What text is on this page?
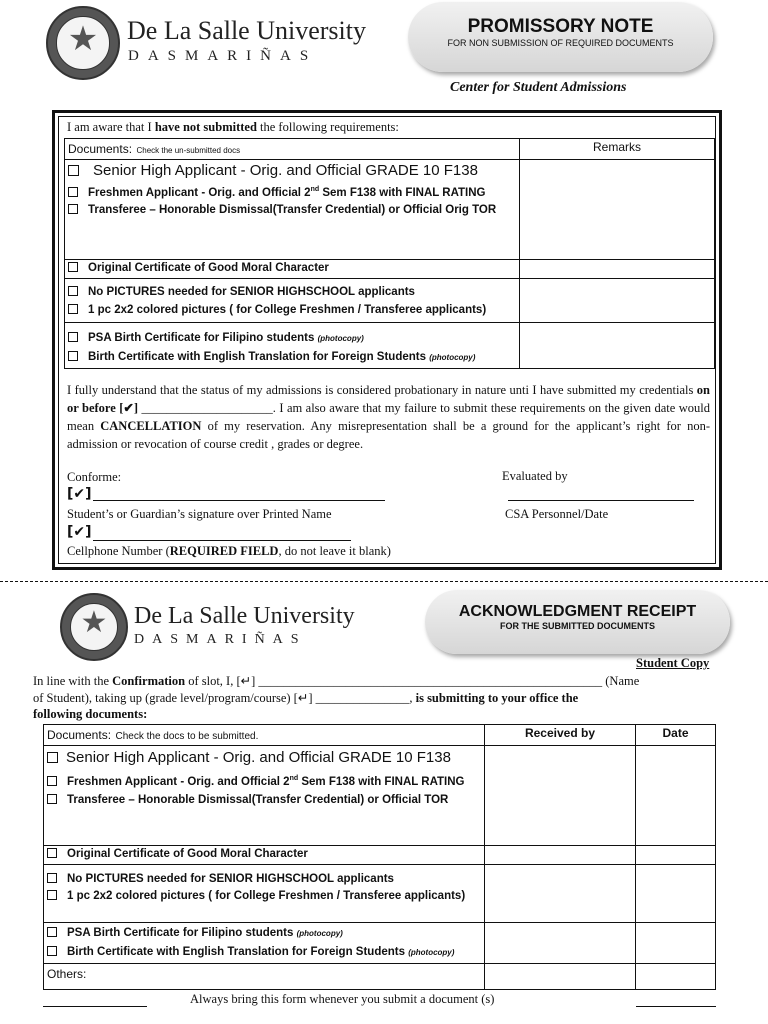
★	De La Salle University
DASMARIÑAS
PROMISSORY NOTE
FOR NON SUBMISSION OF REQUIRED DOCUMENTS
Center for Student Admissions
I am aware that I have not submitted the following requirements:
Documents: Check the un-submitted docs	Remarks

Senior High Applicant - Orig. and Official GRADE 10 F138
Freshmen Applicant - Orig. and Official 2nd Sem F138 with FINAL RATING
Transferee – Honorable Dismissal(Transfer Credential) or Official Orig TOR	

Original Certificate of Good Moral Character	

No PICTURES needed for SENIOR HIGHSCHOOL applicants
1 pc 2x2 colored pictures ( for College Freshmen / Transferee applicants)	

PSA Birth Certificate for Filipino students (photocopy)
Birth Certificate with English Translation for Foreign Students (photocopy)	

I fully understand that the status of my admissions is considered probationary in nature unti I have submitted my credentials on or before [✔] _____________________. I am also aware that my failure to submit these requirements on the given date would mean CANCELLATION of my reservation. Any misrepresentation shall be a ground for the applicant’s right for non-admission or revocation of course credit , grades or degree.
Conforme:	Evaluated by
[✔]
Student’s or Guardian’s signature over Printed Name	CSA Personnel/Date
[✔]
Cellphone Number (REQUIRED FIELD, do not leave it blank)
★	De La Salle University
DASMARIÑAS
ACKNOWLEDGMENT RECEIPT
FOR THE SUBMITTED DOCUMENTS
Student Copy
In line with the Confirmation of slot, I, [↵] _______________________________________________________ (Name
of Student), taking up (grade level/program/course) [↵] _______________, is submitting to your office the
following documents:
Documents: Check the docs to be submitted.	Received by	Date

Senior High Applicant - Orig. and Official GRADE 10 F138
Freshmen Applicant - Orig. and Official 2nd Sem F138 with FINAL RATING
Transferee – Honorable Dismissal(Transfer Credential) or Official TOR		

Original Certificate of Good Moral Character		

No PICTURES needed for SENIOR HIGHSCHOOL applicants
1 pc 2x2 colored pictures ( for College Freshmen / Transferee applicants)		

PSA Birth Certificate for Filipino students (photocopy)
Birth Certificate with English Translation for Foreign Students (photocopy)		

Others:		
Always bring this form whenever you submit a document (s)
